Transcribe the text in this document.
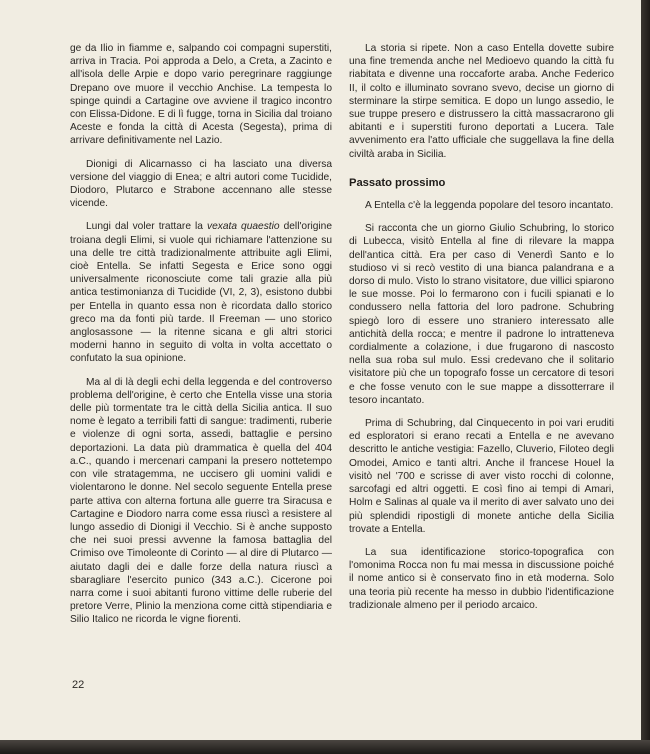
ge da Ilio in fiamme e, salpando coi compagni superstiti, arriva in Tracia. Poi approda a Delo, a Creta, a Zacinto e all'isola delle Arpie e dopo vario peregrinare raggiunge Drepano ove muore il vecchio Anchise. La tempesta lo spinge quindi a Cartagine ove avviene il tragico incontro con Elissa-Didone. E di lì fugge, torna in Sicilia dal troiano Aceste e fonda la città di Acesta (Segesta), prima di arrivare definitivamente nel Lazio.

Dionigi di Alicarnasso ci ha lasciato una diversa versione del viaggio di Enea; e altri autori come Tucidide, Diodoro, Plutarco e Strabone accennano alle stesse vicende.

Lungi dal voler trattare la vexata quaestio dell'origine troiana degli Elimi, si vuole qui richiamare l'attenzione su una delle tre città tradizionalmente attribuite agli Elimi, cioè Entella. Se infatti Segesta e Erice sono oggi universalmente riconosciute come tali grazie alla più antica testimonianza di Tucidide (VI, 2, 3), esistono dubbi per Entella in quanto essa non è ricordata dallo storico greco ma da fonti più tarde. Il Freeman — uno storico anglosassone — la ritenne sicana e gli altri storici moderni hanno in seguito di volta in volta accettato o confutato la sua opinione.

Ma al di là degli echi della leggenda e del controverso problema dell'origine, è certo che Entella visse una storia delle più tormentate tra le città della Sicilia antica. Il suo nome è legato a terribili fatti di sangue: tradimenti, ruberie e violenze di ogni sorta, assedi, battaglie e persino deportazioni. La data più drammatica è quella del 404 a.C., quando i mercenari campani la presero nottetempo con vile stratagemma, ne uccisero gli uomini validi e violentarono le donne. Nel secolo seguente Entella prese parte attiva con alterna fortuna alle guerre tra Siracusa e Cartagine e Diodoro narra come essa riuscì a resistere al lungo assedio di Dionigi il Vecchio. Si è anche supposto che nei suoi pressi avvenne la famosa battaglia del Crimiso ove Timoleonte di Corinto — al dire di Plutarco — aiutato dagli dei e dalle forze della natura riuscì a sbaragliare l'esercito punico (343 a.C.). Cicerone poi narra come i suoi abitanti furono vittime delle ruberie del pretore Verre, Plinio la menziona come città stipendiaria e Silio Italico ne ricorda le vigne fiorenti.

La storia si ripete. Non a caso Entella dovette subire una fine tremenda anche nel Medioevo quando la città fu riabitata e divenne una roccaforte araba. Anche Federico II, il colto e illuminato sovrano svevo, decise un giorno di sterminare la stirpe semitica. E dopo un lungo assedio, le sue truppe presero e distrussero la città massacrarono gli abitanti e i superstiti furono deportati a Lucera. Tale avvenimento era l'atto ufficiale che suggellava la fine della civiltà araba in Sicilia.

Passato prossimo

A Entella c'è la leggenda popolare del tesoro incantato.

Si racconta che un giorno Giulio Schubring, lo storico di Lubecca, visitò Entella al fine di rilevare la mappa dell'antica città. Era per caso di Venerdì Santo e lo studioso vi si recò vestito di una bianca palandrana e a dorso di mulo. Visto lo strano visitatore, due villici spiarono le sue mosse. Poi lo fermarono con i fucili spianati e lo condussero nella fattoria del loro padrone. Schubring spiegò loro di essere uno straniero interessato alle antichità della rocca; e mentre il padrone lo intratteneva cordialmente a colazione, i due frugarono di nascosto nella sua roba sul mulo. Essi credevano che il solitario visitatore più che un topografo fosse un cercatore di tesori e che fosse venuto con le sue mappe a dissotterrare il tesoro incantato.

Prima di Schubring, dal Cinquecento in poi vari eruditi ed esploratori si erano recati a Entella e ne avevano descritto le antiche vestigia: Fazello, Cluverio, Filoteo degli Omodei, Amico e tanti altri. Anche il francese Houel la visitò nel '700 e scrisse di aver visto rocchi di colonne, sarcofagi ed altri oggetti. E così fino ai tempi di Amari, Holm e Salinas al quale va il merito di aver salvato uno dei più splendidi ripostigli di monete antiche della Sicilia trovate a Entella.

La sua identificazione storico-topografica con l'omonima Rocca non fu mai messa in discussione poiché il nome antico si è conservato fino in età moderna. Solo una teoria più recente ha messo in dubbio l'identificazione tradizionale almeno per il periodo arcaico.

22
